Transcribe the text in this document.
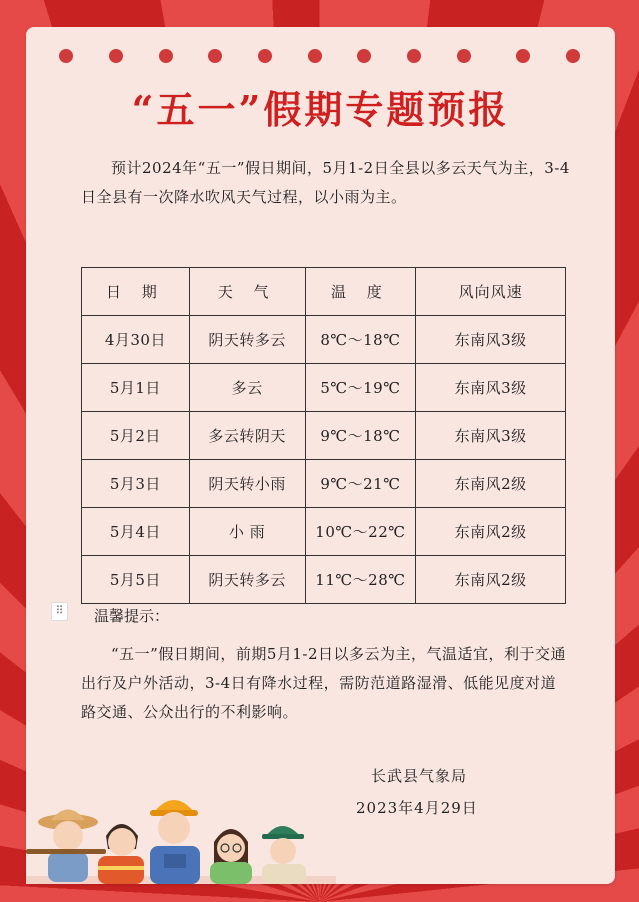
“五一”假期专题预报
预计2024年“五一”假日期间，5月1-2日全县以多云天气为主，3-4日全县有一次降水吹风天气过程，以小雨为主。
日 期	天 气	温 度	风向风速
4月30日	阴天转多云	8℃～18℃	东南风3级
5月1日	多云	5℃～19℃	东南风3级
5月2日	多云转阴天	9℃～18℃	东南风3级
5月3日	阴天转小雨	9℃～21℃	东南风2级
5月4日	小 雨	10℃～22℃	东南风2级
5月5日	阴天转多云	11℃～28℃	东南风2级
⠿ 温馨提示：
“五一”假日期间，前期5月1-2日以多云为主，气温适宜，利于交通出行及户外活动，3-4日有降水过程，需防范道路湿滑、低能见度对道路交通、公众出行的不利影响。
长武县气象局
2023年4月29日
